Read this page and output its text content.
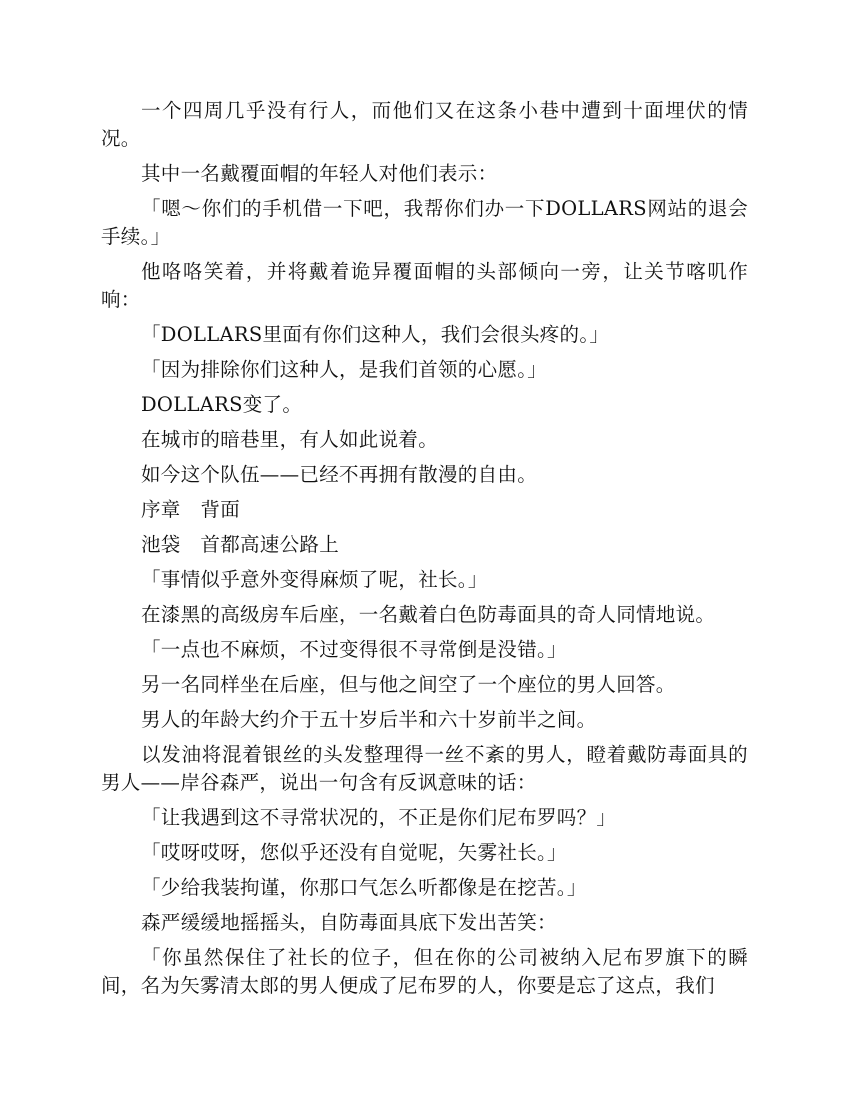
一个四周几乎没有行人，而他们又在这条小巷中遭到十面埋伏的情况。

其中一名戴覆面帽的年轻人对他们表示：

「嗯～你们的手机借一下吧，我帮你们办一下DOLLARS网站的退会手续。」

他咯咯笑着，并将戴着诡异覆面帽的头部倾向一旁，让关节喀叽作响：

「DOLLARS里面有你们这种人，我们会很头疼的。」

「因为排除你们这种人，是我们首领的心愿。」

DOLLARS变了。

在城市的暗巷里，有人如此说着。

如今这个队伍——已经不再拥有散漫的自由。

序章　背面

池袋　首都高速公路上

「事情似乎意外变得麻烦了呢，社长。」

在漆黑的高级房车后座，一名戴着白色防毒面具的奇人同情地说。

「一点也不麻烦，不过变得很不寻常倒是没错。」

另一名同样坐在后座，但与他之间空了一个座位的男人回答。

男人的年龄大约介于五十岁后半和六十岁前半之间。

以发油将混着银丝的头发整理得一丝不紊的男人，瞪着戴防毒面具的男人——岸谷森严，说出一句含有反讽意味的话：

「让我遇到这不寻常状况的，不正是你们尼布罗吗？」

「哎呀哎呀，您似乎还没有自觉呢，矢雾社长。」

「少给我装拘谨，你那口气怎么听都像是在挖苦。」

森严缓缓地摇摇头，自防毒面具底下发出苦笑：

「你虽然保住了社长的位子，但在你的公司被纳入尼布罗旗下的瞬间，名为矢雾清太郎的男人便成了尼布罗的人，你要是忘了这点，我们
